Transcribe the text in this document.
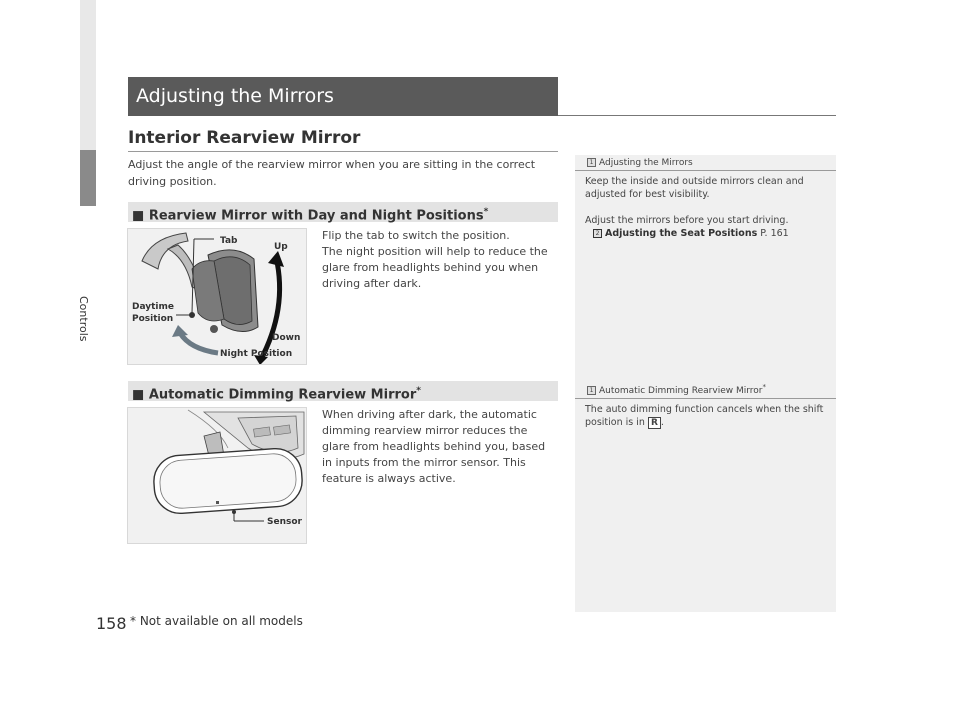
Controls
Adjusting the Mirrors
Interior Rearview Mirror
Adjust the angle of the rearview mirror when you are sitting in the correct driving position.
■ Rearview Mirror with Day and Night Positions*
Tab
Up
Daytime
Position
Down
Night Position
Flip the tab to switch the position.
The night position will help to reduce the glare from headlights behind you when driving after dark.
■ Automatic Dimming Rearview Mirror*
Sensor
When driving after dark, the automatic dimming rearview mirror reduces the glare from headlights behind you, based in inputs from the mirror sensor. This feature is always active.
1 Adjusting the Mirrors
Keep the inside and outside mirrors clean and adjusted for best visibility.
Adjust the mirrors before you start driving.
2 Adjusting the Seat Positions P. 161
1 Automatic Dimming Rearview Mirror*
The auto dimming function cancels when the shift position is in R .
158 * Not available on all models
